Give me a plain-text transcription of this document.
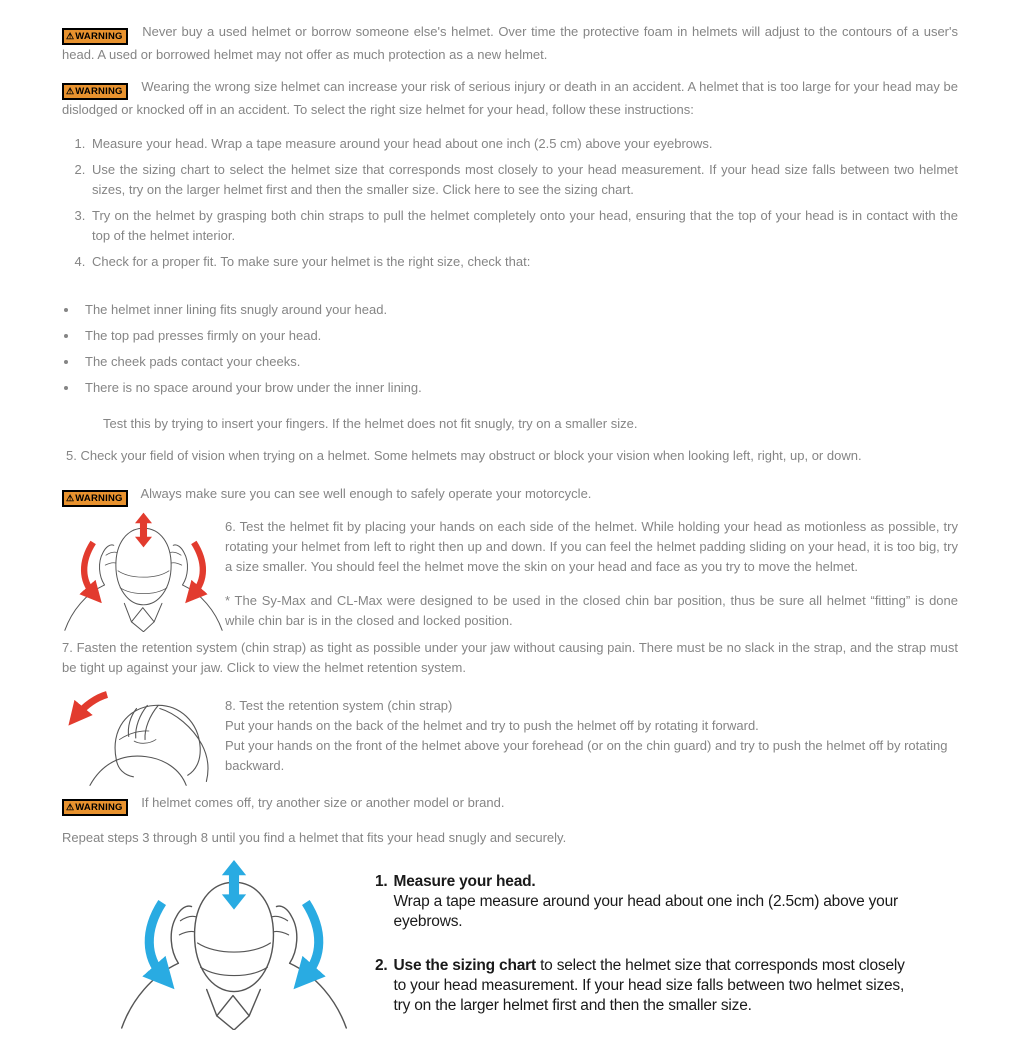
⚠WARNING Never buy a used helmet or borrow someone else's helmet. Over time the protective foam in helmets will adjust to the contours of a user's head. A used or borrowed helmet may not offer as much protection as a new helmet.

⚠WARNING Wearing the wrong size helmet can increase your risk of serious injury or death in an accident. A helmet that is too large for your head may be dislodged or knocked off in an accident. To select the right size helmet for your head, follow these instructions:

1. Measure your head. Wrap a tape measure around your head about one inch (2.5 cm) above your eyebrows.
2. Use the sizing chart to select the helmet size that corresponds most closely to your head measurement. If your head size falls between two helmet sizes, try on the larger helmet first and then the smaller size. Click here to see the sizing chart.
3. Try on the helmet by grasping both chin straps to pull the helmet completely onto your head, ensuring that the top of your head is in contact with the top of the helmet interior.
4. Check for a proper fit. To make sure your helmet is the right size, check that:
• The helmet inner lining fits snugly around your head.
• The top pad presses firmly on your head.
• The cheek pads contact your cheeks.
• There is no space around your brow under the inner lining.

Test this by trying to insert your fingers. If the helmet does not fit snugly, try on a smaller size.

5. Check your field of vision when trying on a helmet. Some helmets may obstruct or block your vision when looking left, right, up, or down.

⚠WARNING Always make sure you can see well enough to safely operate your motorcycle.
6. Test the helmet fit by placing your hands on each side of the helmet. While holding your head as motionless as possible, try rotating your helmet from left to right then up and down. If you can feel the helmet padding sliding on your head, it is too big, try a size smaller. You should feel the helmet move the skin on your head and face as you try to move the helmet.
* The Sy-Max and CL-Max were designed to be used in the closed chin bar position, thus be sure all helmet “fitting” is done while chin bar is in the closed and locked position.

7. Fasten the retention system (chin strap) as tight as possible under your jaw without causing pain. There must be no slack in the strap, and the strap must be tight up against your jaw. Click to view the helmet retention system.

8. Test the retention system (chin strap)
Put your hands on the back of the helmet and try to push the helmet off by rotating it forward.
Put your hands on the front of the helmet above your forehead (or on the chin guard) and try to push the helmet off by rotating backward.
⚠WARNING If helmet comes off, try another size or another model or brand.

Repeat steps 3 through 8 until you find a helmet that fits your head snugly and securely.

1. Measure your head.
Wrap a tape measure around your head about one inch (2.5cm) above your eyebrows.
2. Use the sizing chart to select the helmet size that corresponds most closely to your head measurement. If your head size falls between two helmet sizes, try on the larger helmet first and then the smaller size.
